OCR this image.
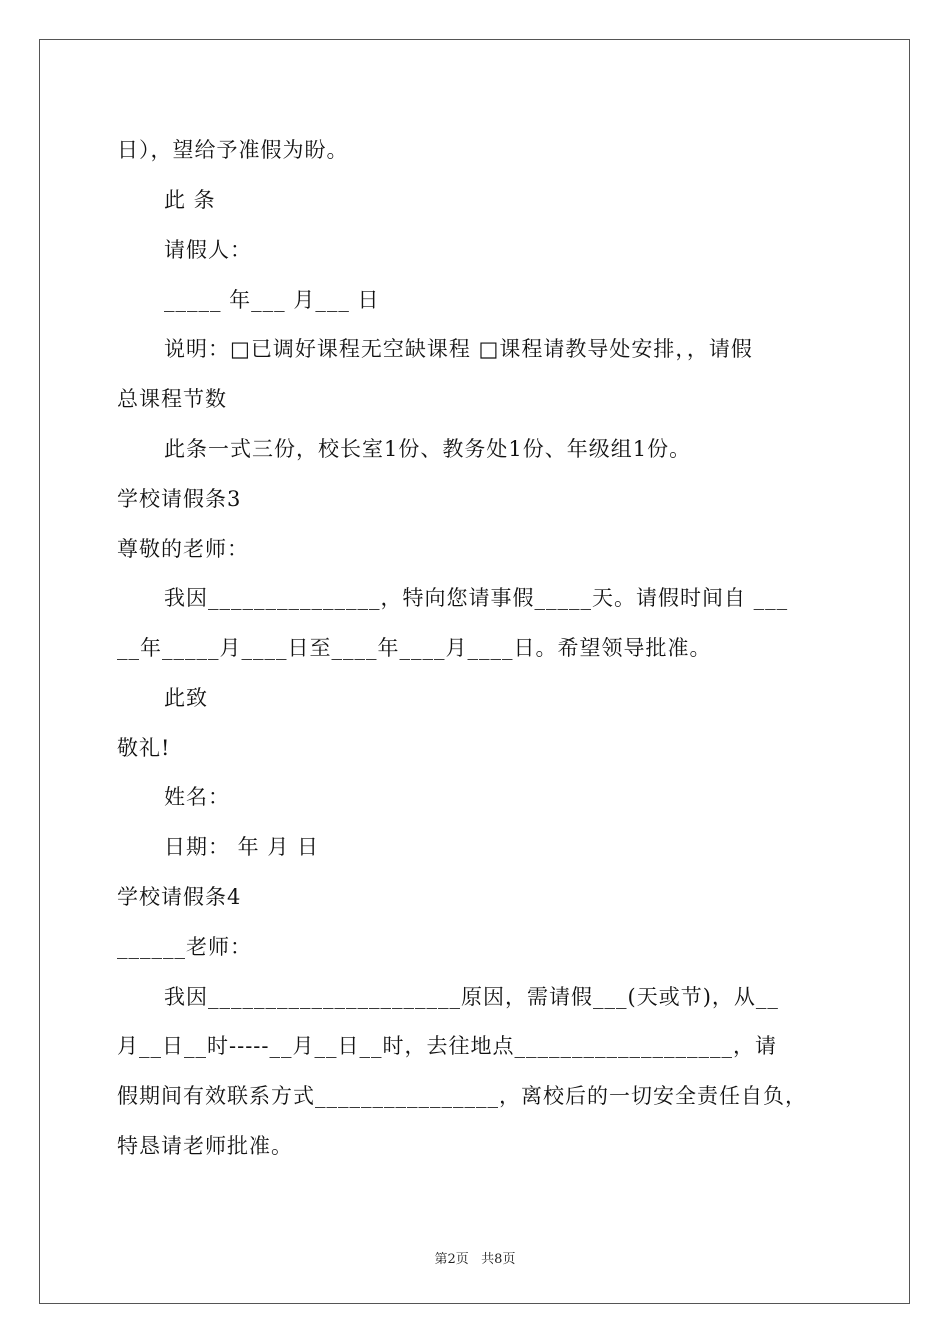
日），望给予准假为盼。
此 条
请假人：
_____ 年___ 月___ 日
说明：□已调好课程无空缺课程 □课程请教导处安排，，请假
总课程节数
此条一式三份，校长室1份、教务处1份、年级组1份。
学校请假条3
尊敬的老师：
我因_______________，特向您请事假_____天。请假时间自 ___
__年_____月____日至____年____月____日。希望领导批准。
此致
敬礼!
姓名：
日期： 年 月 日
学校请假条4
______老师：
我因______________________原因，需请假___(天或节)，从__
月__日__时-----__月__日__时，去往地点___________________，请
假期间有效联系方式________________，离校后的一切安全责任自负，
特恳请老师批准。
第2页   共8页
